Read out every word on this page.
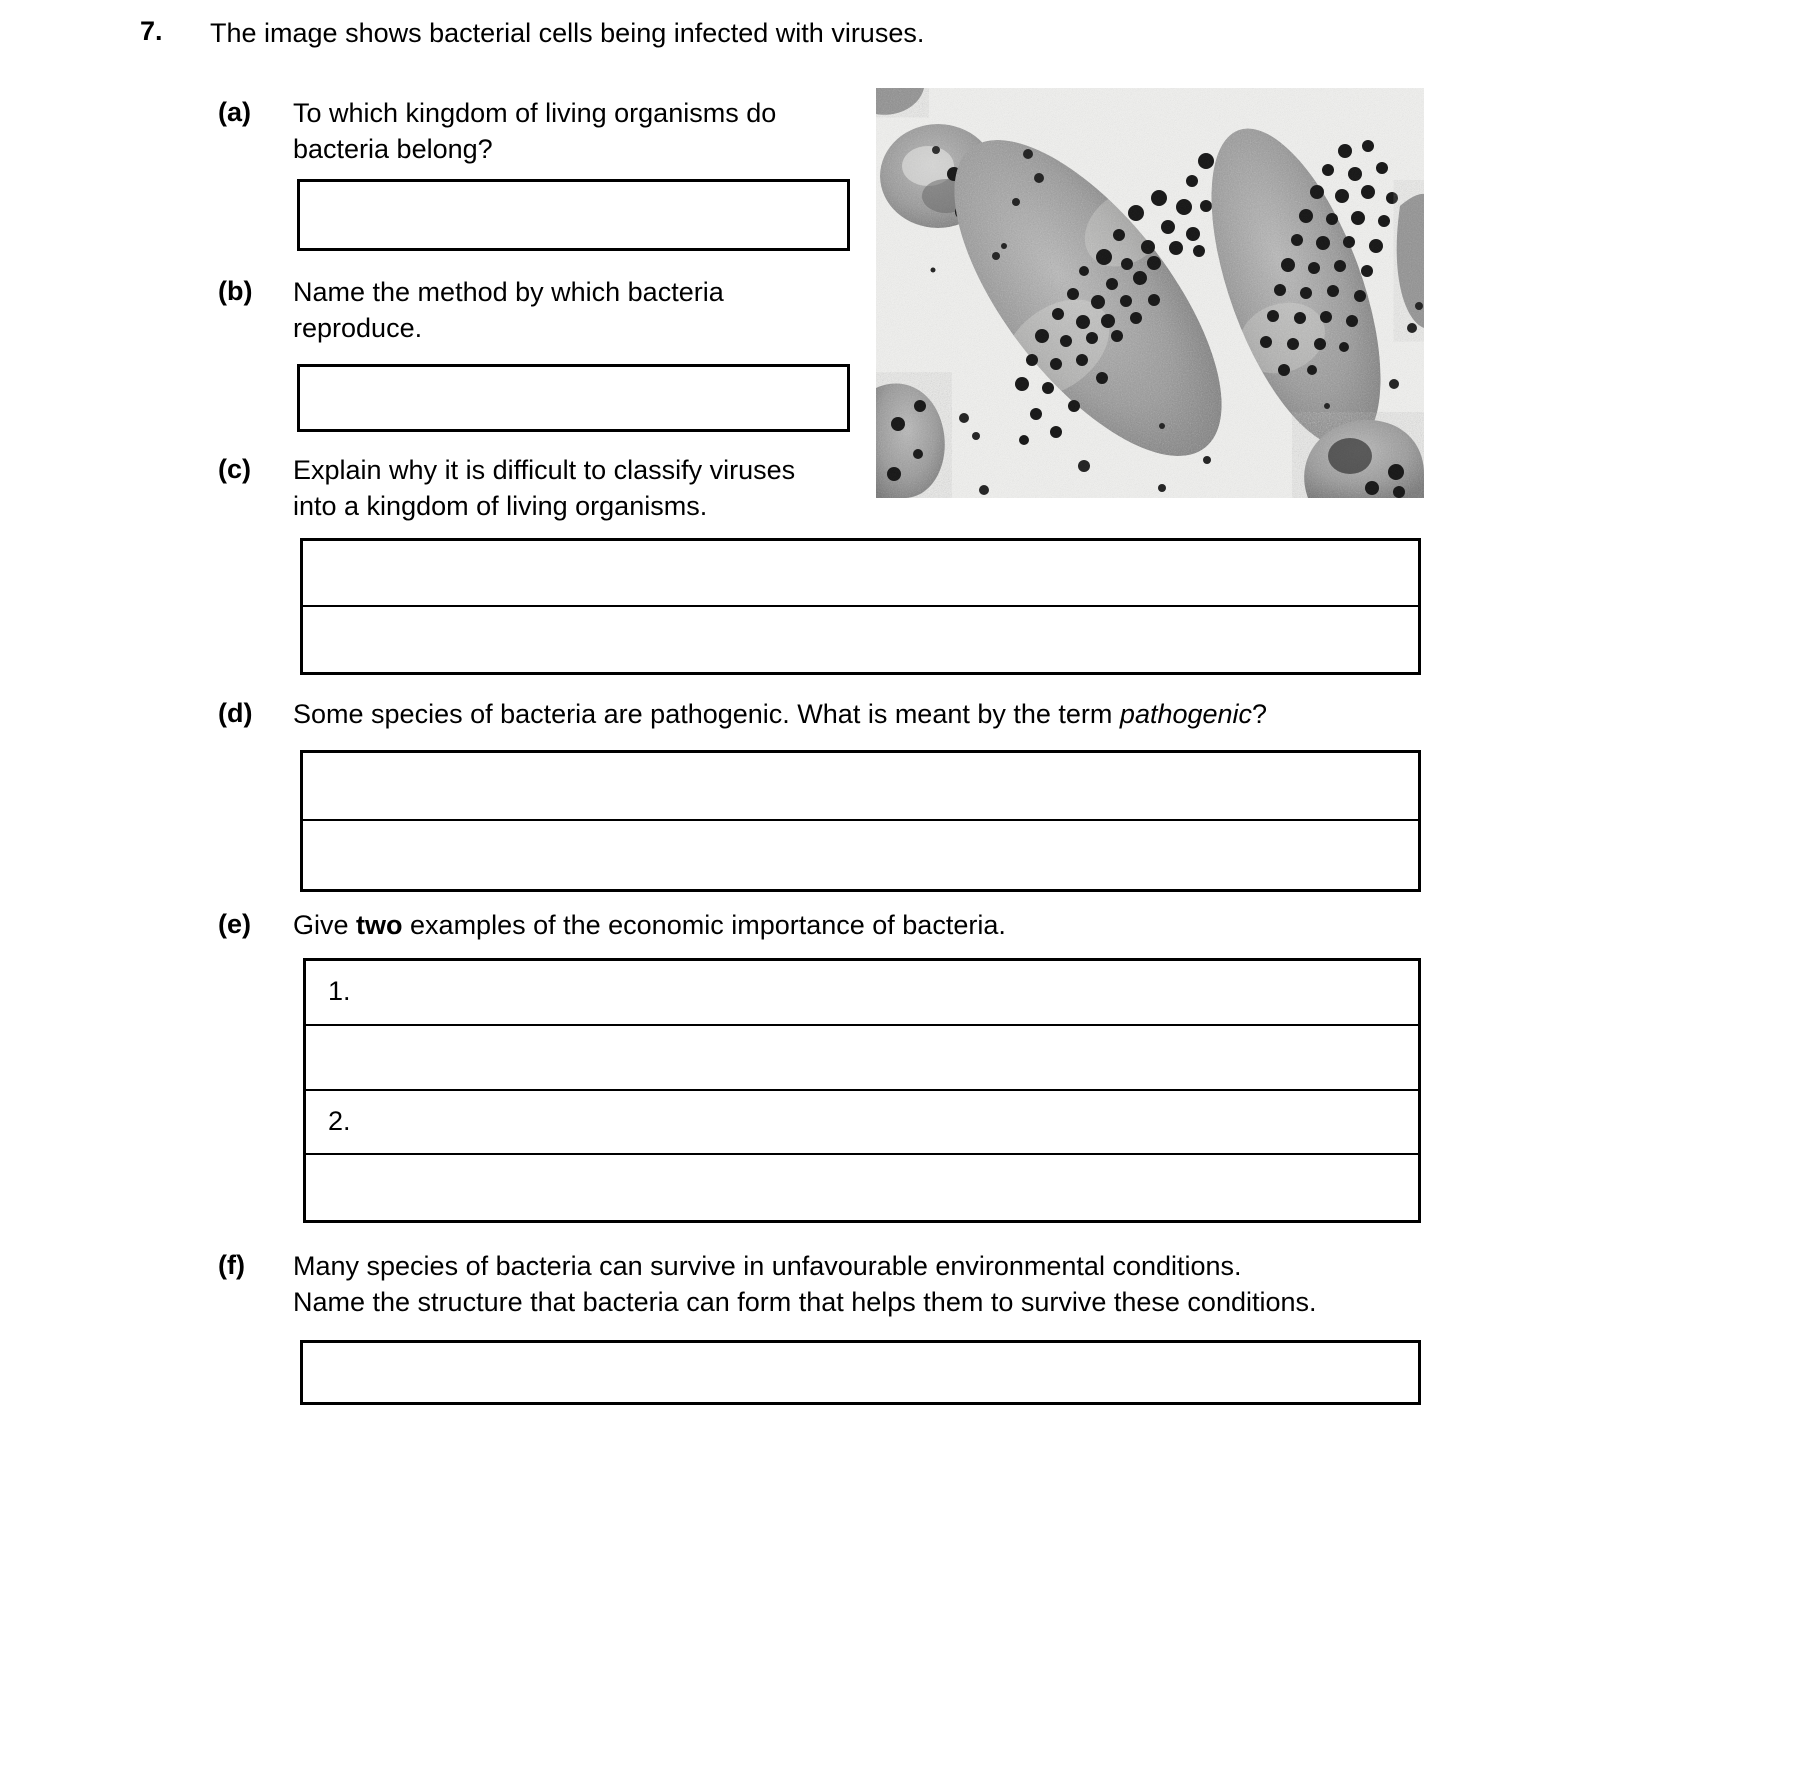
7.	The image shows bacterial cells being infected with viruses.
(a)	To which kingdom of living organisms do
bacteria belong?
(b)	Name the method by which bacteria
reproduce.
(c)	Explain why it is difficult to classify viruses
into a kingdom of living organisms.
(d)	Some species of bacteria are pathogenic. What is meant by the term pathogenic?
(e)	Give two examples of the economic importance of bacteria.
1.
2.
(f)	Many species of bacteria can survive in unfavourable environmental conditions.
Name the structure that bacteria can form that helps them to survive these conditions.
